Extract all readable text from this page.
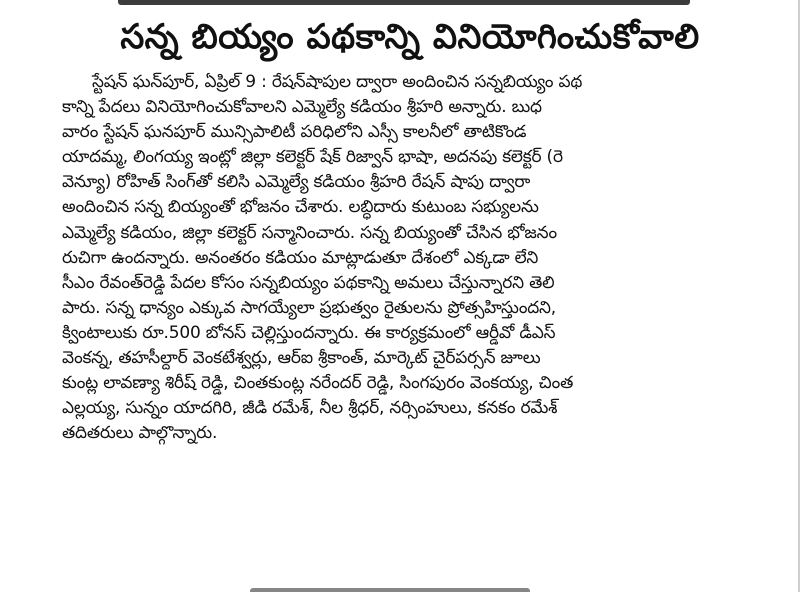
సన్న బియ్యం పథకాన్ని వినియోగించుకోవాలి
స్టేషన్ ఘన్‌పూర్, ఏప్రిల్ 9 : రేషన్‌షాపుల ద్వారా అందించిన సన్నబియ్యం పథ
కాన్ని పేదలు వినియోగించుకోవాలని ఎమ్మెల్యే కడియం శ్రీహరి అన్నారు. బుధ
వారం స్టేషన్ ఘనపూర్ మున్సిపాలిటీ పరిధిలోని ఎస్సీ కాలనీలో తాటికొండ
యాదమ్మ, లింగయ్య ఇంట్లో జిల్లా కలెక్టర్ షేక్ రిజ్వాన్ భాషా, అదనపు కలెక్టర్ (రె
వెన్యూ) రోహిత్ సింగ్‌తో కలిసి ఎమ్మెల్యే కడియం శ్రీహరి రేషన్ షాపు ద్వారా
అందించిన సన్న బియ్యంతో భోజనం చేశారు. లబ్ధిదారు కుటుంబ సభ్యులను
ఎమ్మెల్యే కడియం, జిల్లా కలెక్టర్ సన్మానించారు. సన్న బియ్యంతో చేసిన భోజనం
రుచిగా ఉందన్నారు. అనంతరం కడియం మాట్లాడుతూ దేశంలో ఎక్కడా లేని
సీఎం రేవంత్‌రెడ్డి పేదల కోసం సన్నబియ్యం పథకాన్ని అమలు చేస్తున్నారని తెలి
పారు. సన్న ధాన్యం ఎక్కువ సాగయ్యేలా ప్రభుత్వం రైతులను ప్రోత్సహిస్తుందని,
క్వింటాలుకు రూ.500 బోనస్ చెల్లిస్తుందన్నారు. ఈ కార్యక్రమంలో ఆర్డీవో డీఎస్
వెంకన్న, తహసీల్దార్ వెంకటేశ్వర్లు, ఆర్ఐ శ్రీకాంత్, మార్కెట్ చైర్‌పర్సన్ జూలు
కుంట్ల లావణ్యా శిరీష్ రెడ్డి, చింతకుంట్ల నరేందర్ రెడ్డి, సింగపురం వెంకయ్య, చింత
ఎల్లయ్య, సున్నం యాదగిరి, జీడి రమేశ్, నీల శ్రీధర్, నర్సింహులు, కనకం రమేశ్
తదితరులు పాల్గొన్నారు.
